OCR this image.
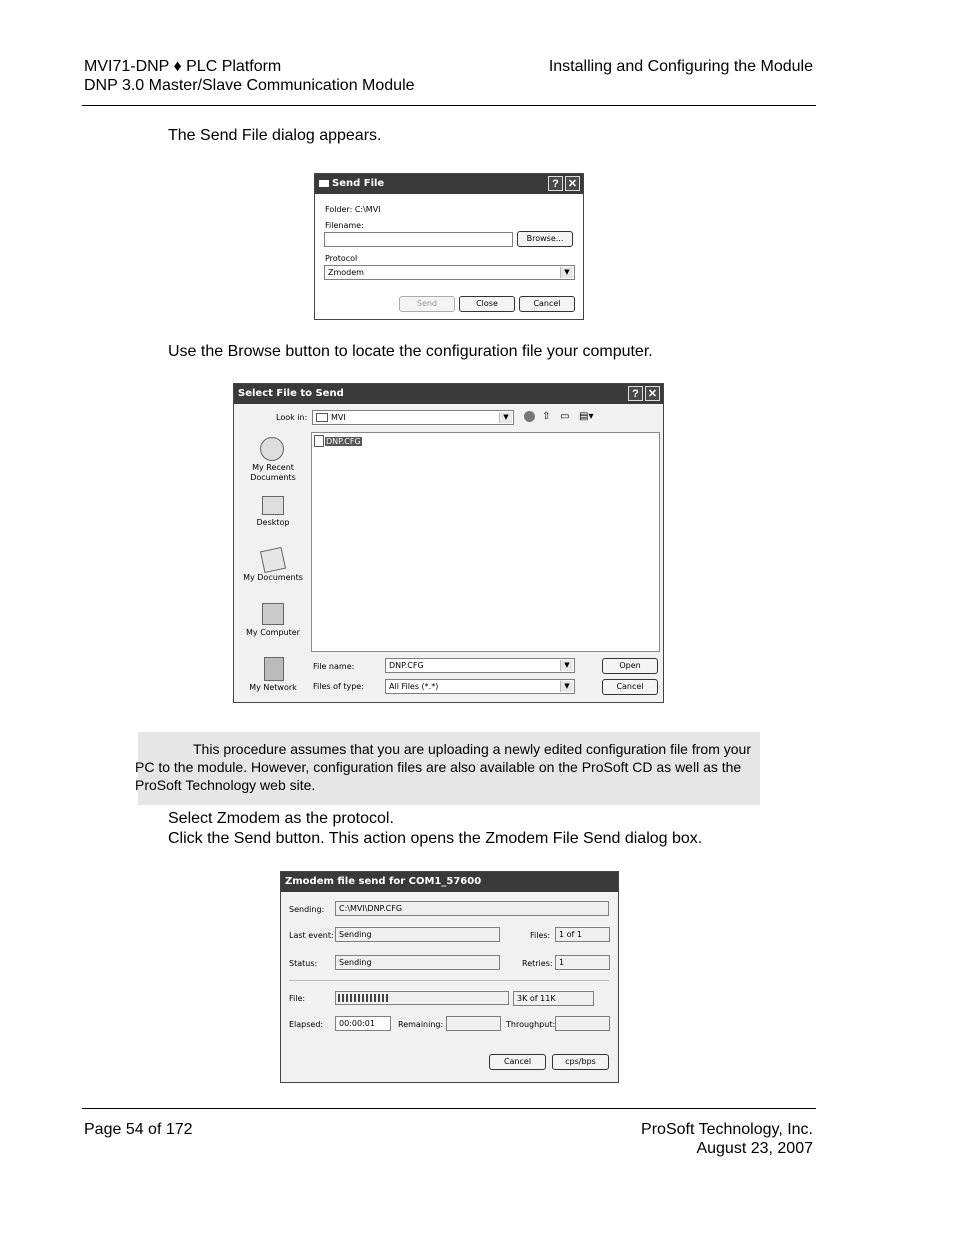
MVI71-DNP ♦ PLC Platform
DNP 3.0 Master/Slave Communication Module
Installing and Configuring the Module
The Send File dialog appears.
Send File	? ✕
Folder: C:\MVI
Filename:
Browse...
Protocol
Zmodem	▼
Send	Close	Cancel
Use the Browse button to locate the configuration file your computer.
Select File to Send	? ✕
Look in:	MVI	▼	⇧ ▭ ▤▾
My Recent Documents
Desktop
My Documents
My Computer
My Network
DNP.CFG
File name:	DNP.CFG	▼
Files of type:	All Files (*.*)	▼
Open
Cancel
This procedure assumes that you are uploading a newly edited configuration file from your PC to the module. However, configuration files are also available on the ProSoft CD as well as the ProSoft Technology web site.
Select Zmodem as the protocol.
Click the Send button. This action opens the Zmodem File Send dialog box.
Zmodem file send for COM1_57600
Sending:	C:\MVI\DNP.CFG
Last event: Sending	Files:	1 of 1
Status:	Sending	Retries: 1
File:	3K of 11K
Elapsed:	00:00:01	Remaining:	Throughput:
Cancel	cps/bps
Page 54 of 172	ProSoft Technology, Inc.
August 23, 2007
